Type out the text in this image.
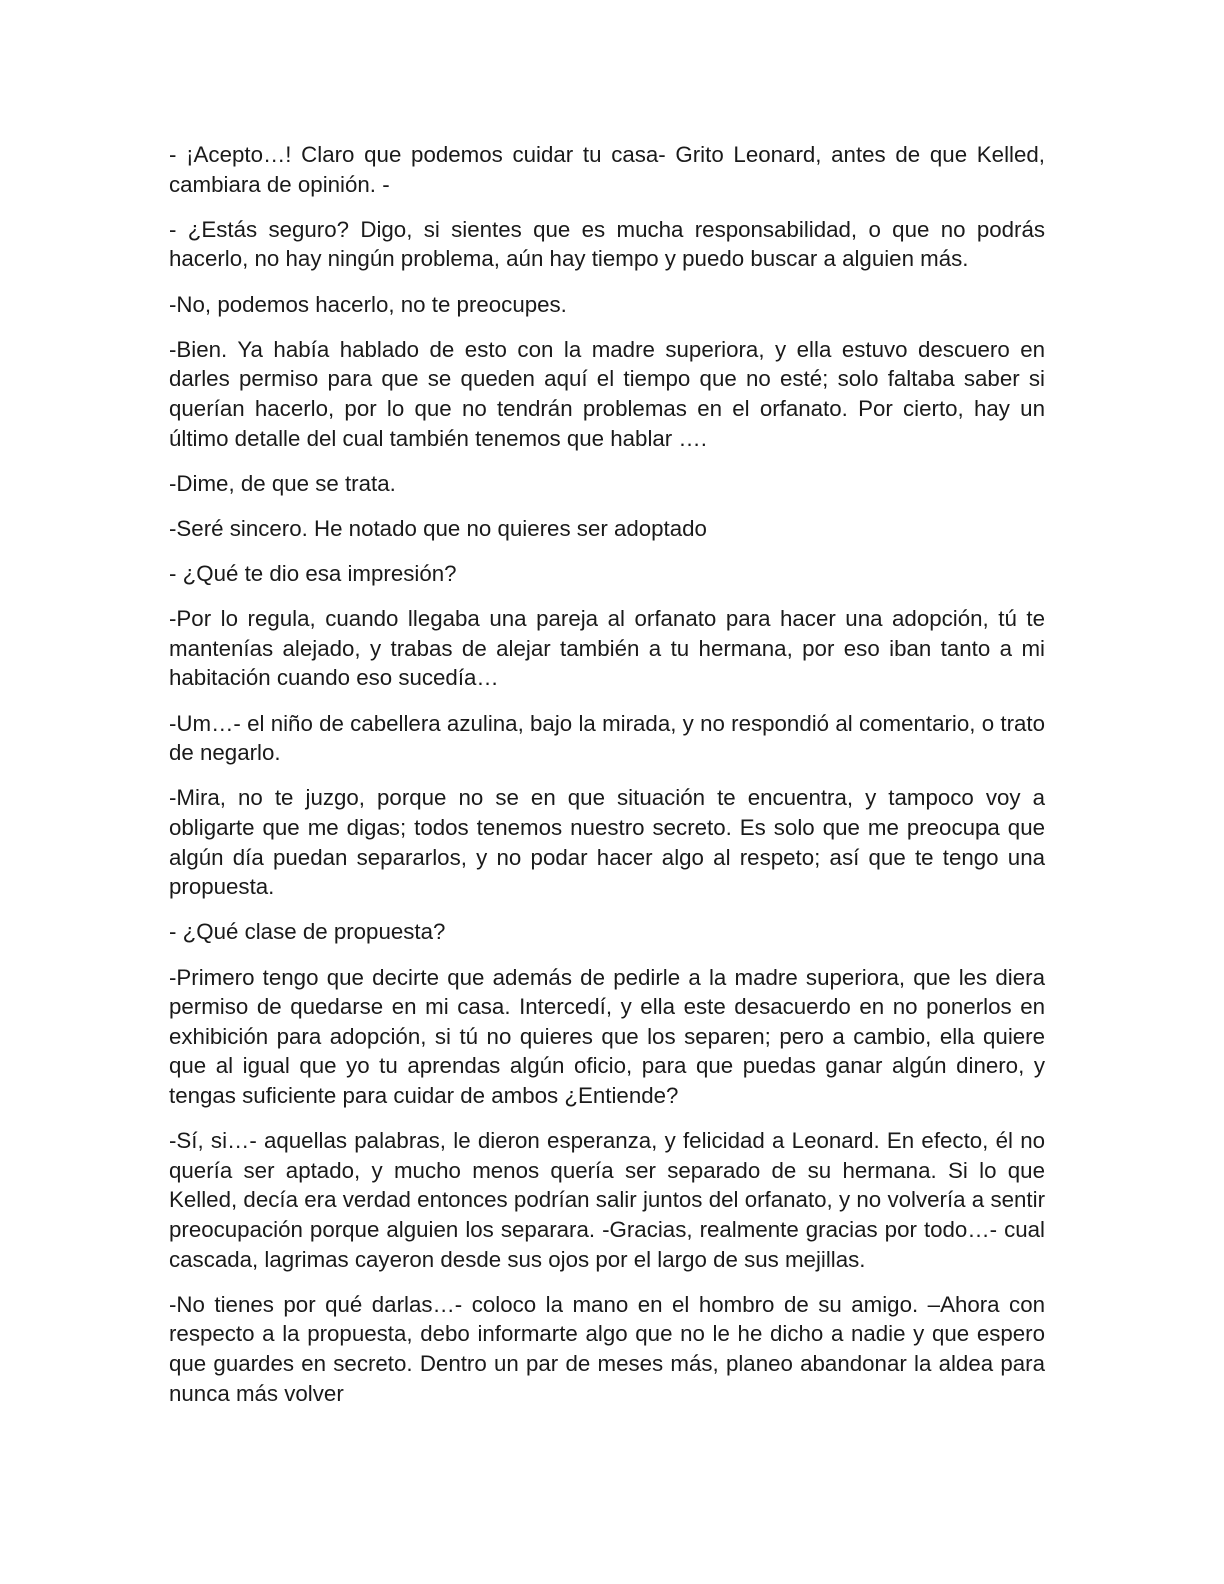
- ¡Acepto…! Claro que podemos cuidar tu casa- Grito Leonard, antes de que Kelled, cambiara de opinión. -

- ¿Estás seguro? Digo, si sientes que es mucha responsabilidad, o que no podrás hacerlo, no hay ningún problema, aún hay tiempo y puedo buscar a alguien más.

-No, podemos hacerlo, no te preocupes.

-Bien. Ya había hablado de esto con la madre superiora, y ella estuvo descuero en darles permiso para que se queden aquí el tiempo que no esté; solo faltaba saber si querían hacerlo, por lo que no tendrán problemas en el orfanato. Por cierto, hay un último detalle del cual también tenemos que hablar ….

-Dime, de que se trata.

-Seré sincero. He notado que no quieres ser adoptado

- ¿Qué te dio esa impresión?

-Por lo regula, cuando llegaba una pareja al orfanato para hacer una adopción, tú te mantenías alejado, y trabas de alejar también a tu hermana, por eso iban tanto a mi habitación cuando eso sucedía…

-Um…- el niño de cabellera azulina, bajo la mirada, y no respondió al comentario, o trato de negarlo.

-Mira, no te juzgo, porque no se en que situación te encuentra, y tampoco voy a obligarte que me digas; todos tenemos nuestro secreto. Es solo que me preocupa que algún día puedan separarlos, y no podar hacer algo al respeto; así que te tengo una propuesta.

- ¿Qué clase de propuesta?

-Primero tengo que decirte que además de pedirle a la madre superiora, que les diera permiso de quedarse en mi casa. Intercedí, y ella este desacuerdo en no ponerlos en exhibición para adopción, si tú no quieres que los separen; pero a cambio, ella quiere que al igual que yo tu aprendas algún oficio, para que puedas ganar algún dinero, y tengas suficiente para cuidar de ambos ¿Entiende?

-Sí, si…- aquellas palabras, le dieron esperanza, y felicidad a Leonard. En efecto, él no quería ser aptado, y mucho menos quería ser separado de su hermana. Si lo que Kelled, decía era verdad entonces podrían salir juntos del orfanato, y no volvería a sentir preocupación porque alguien los separara. -Gracias, realmente gracias por todo…- cual cascada, lagrimas cayeron desde sus ojos por el largo de sus mejillas.

-No tienes por qué darlas…- coloco la mano en el hombro de su amigo. –Ahora con respecto a la propuesta, debo informarte algo que no le he dicho a nadie y que espero que guardes en secreto. Dentro un par de meses más, planeo abandonar la aldea para nunca más volver
